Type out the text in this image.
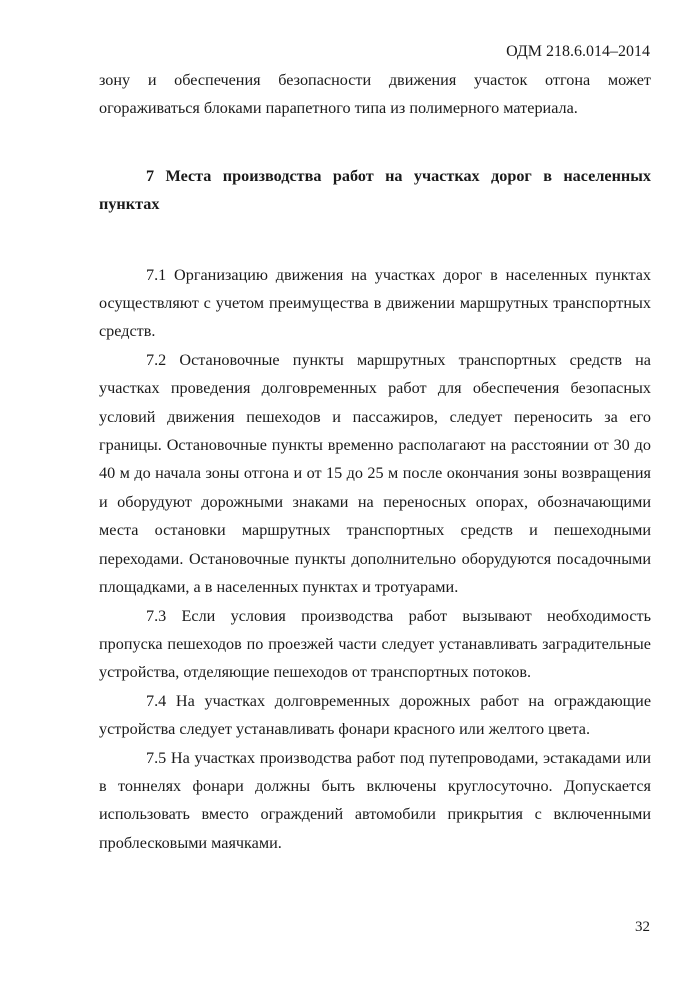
ОДМ 218.6.014–2014

зону и обеспечения безопасности движения участок отгона может огораживаться блоками парапетного типа из полимерного материала.

7 Места производства работ на участках дорог в населенных пунктах

7.1 Организацию движения на участках дорог в населенных пунктах осуществляют с учетом преимущества в движении маршрутных транспортных средств.

7.2 Остановочные пункты маршрутных транспортных средств на участках проведения долговременных работ для обеспечения безопасных условий движения пешеходов и пассажиров, следует переносить за его границы. Остановочные пункты временно располагают на расстоянии от 30 до 40 м до начала зоны отгона и от 15 до 25 м после окончания зоны возвращения и оборудуют дорожными знаками на переносных опорах, обозначающими места остановки маршрутных транспортных средств и пешеходными переходами. Остановочные пункты дополнительно оборудуются посадочными площадками, а в населенных пунктах и тротуарами.

7.3 Если условия производства работ вызывают необходимость пропуска пешеходов по проезжей части следует устанавливать заградительные устройства, отделяющие пешеходов от транспортных потоков.

7.4 На участках долговременных дорожных работ на ограждающие устройства следует устанавливать фонари красного или желтого цвета.

7.5 На участках производства работ под путепроводами, эстакадами или в тоннелях фонари должны быть включены круглосуточно. Допускается использовать вместо ограждений автомобили прикрытия с включенными проблесковыми маячками.

32
